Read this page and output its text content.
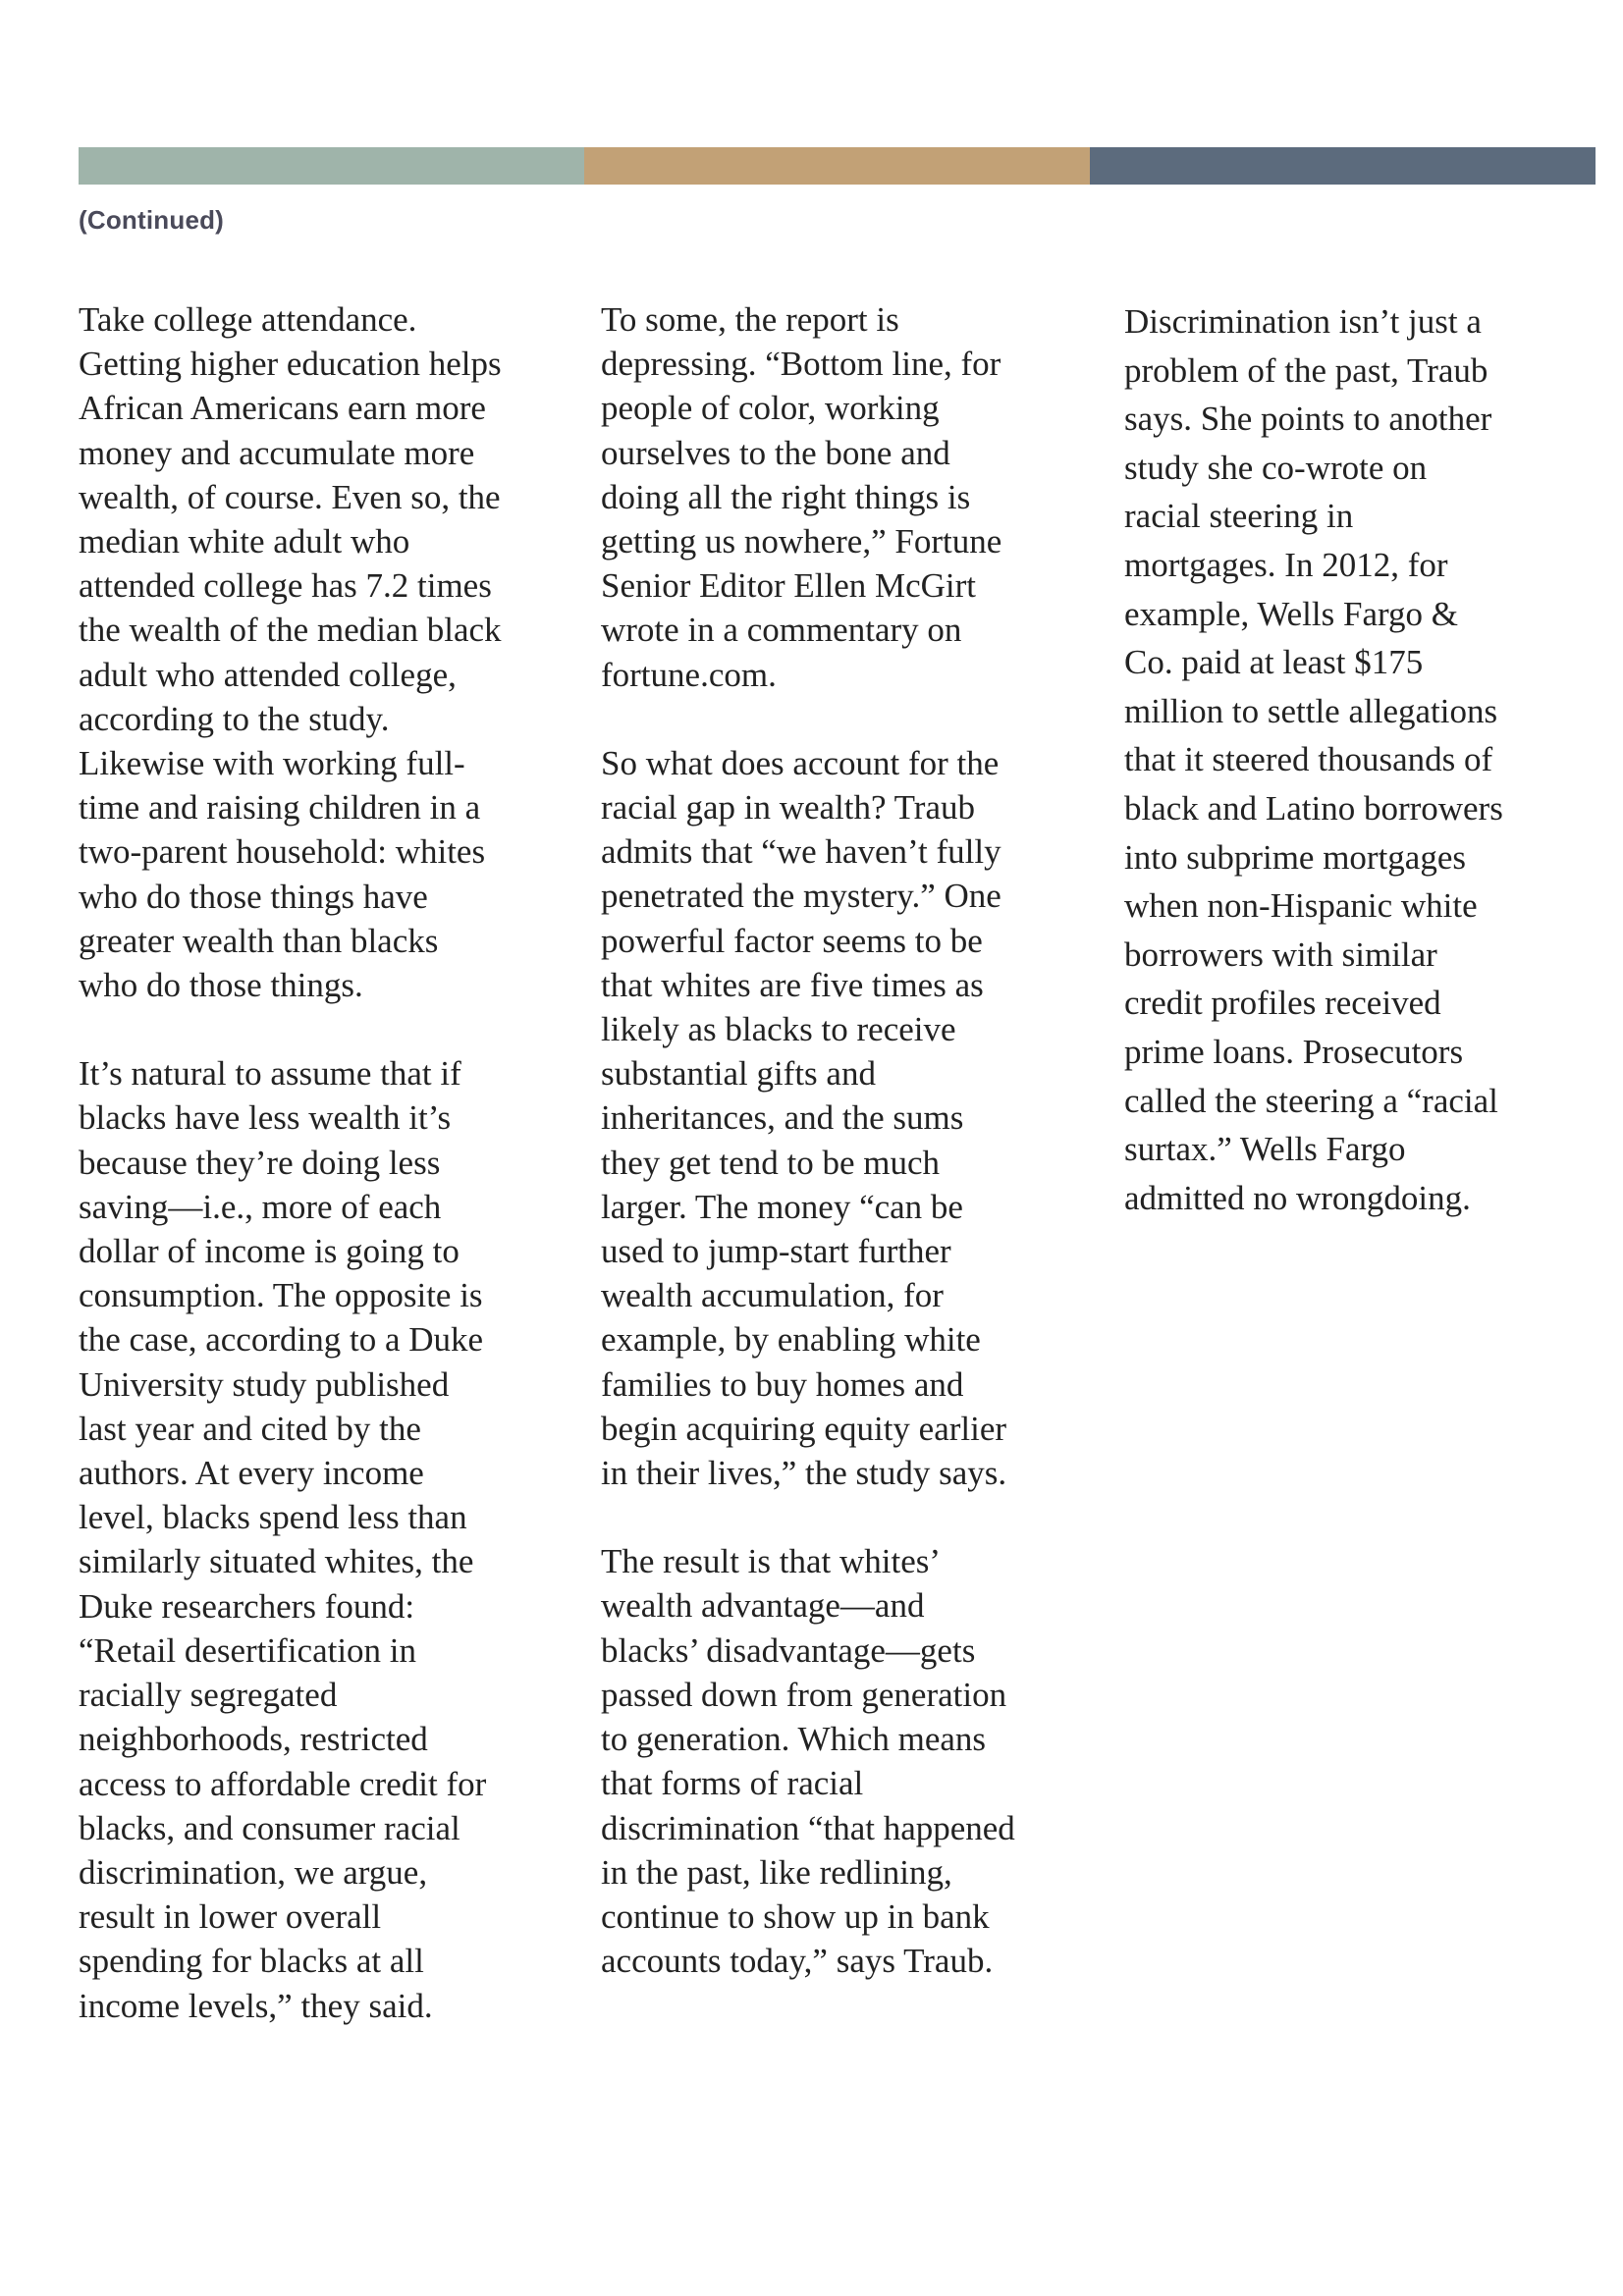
(Continued)

Take college attendance.
Getting higher education helps
African Americans earn more
money and accumulate more
wealth, of course. Even so, the
median white adult who
attended college has 7.2 times
the wealth of the median black
adult who attended college,
according to the study.
Likewise with working full-
time and raising children in a
two-parent household: whites
who do those things have
greater wealth than blacks
who do those things.

It’s natural to assume that if
blacks have less wealth it’s
because they’re doing less
saving—i.e., more of each
dollar of income is going to
consumption. The opposite is
the case, according to a Duke
University study published
last year and cited by the
authors. At every income
level, blacks spend less than
similarly situated whites, the
Duke researchers found:
“Retail desertification in
racially segregated
neighborhoods, restricted
access to affordable credit for
blacks, and consumer racial
discrimination, we argue,
result in lower overall
spending for blacks at all
income levels,” they said.

To some, the report is
depressing. “Bottom line, for
people of color, working
ourselves to the bone and
doing all the right things is
getting us nowhere,” Fortune
Senior Editor Ellen McGirt
wrote in a commentary on
fortune.com.

So what does account for the
racial gap in wealth? Traub
admits that “we haven’t fully
penetrated the mystery.” One
powerful factor seems to be
that whites are five times as
likely as blacks to receive
substantial gifts and
inheritances, and the sums
they get tend to be much
larger. The money “can be
used to jump-start further
wealth accumulation, for
example, by enabling white
families to buy homes and
begin acquiring equity earlier
in their lives,” the study says.

The result is that whites’
wealth advantage—and
blacks’ disadvantage—gets
passed down from generation
to generation. Which means
that forms of racial
discrimination “that happened
in the past, like redlining,
continue to show up in bank
accounts today,” says Traub.

Discrimination isn’t just a
problem of the past, Traub
says. She points to another
study she co-wrote on
racial steering in
mortgages. In 2012, for
example, Wells Fargo &
Co. paid at least $175
million to settle allegations
that it steered thousands of
black and Latino borrowers
into subprime mortgages
when non-Hispanic white
borrowers with similar
credit profiles received
prime loans. Prosecutors
called the steering a “racial
surtax.” Wells Fargo
admitted no wrongdoing.
